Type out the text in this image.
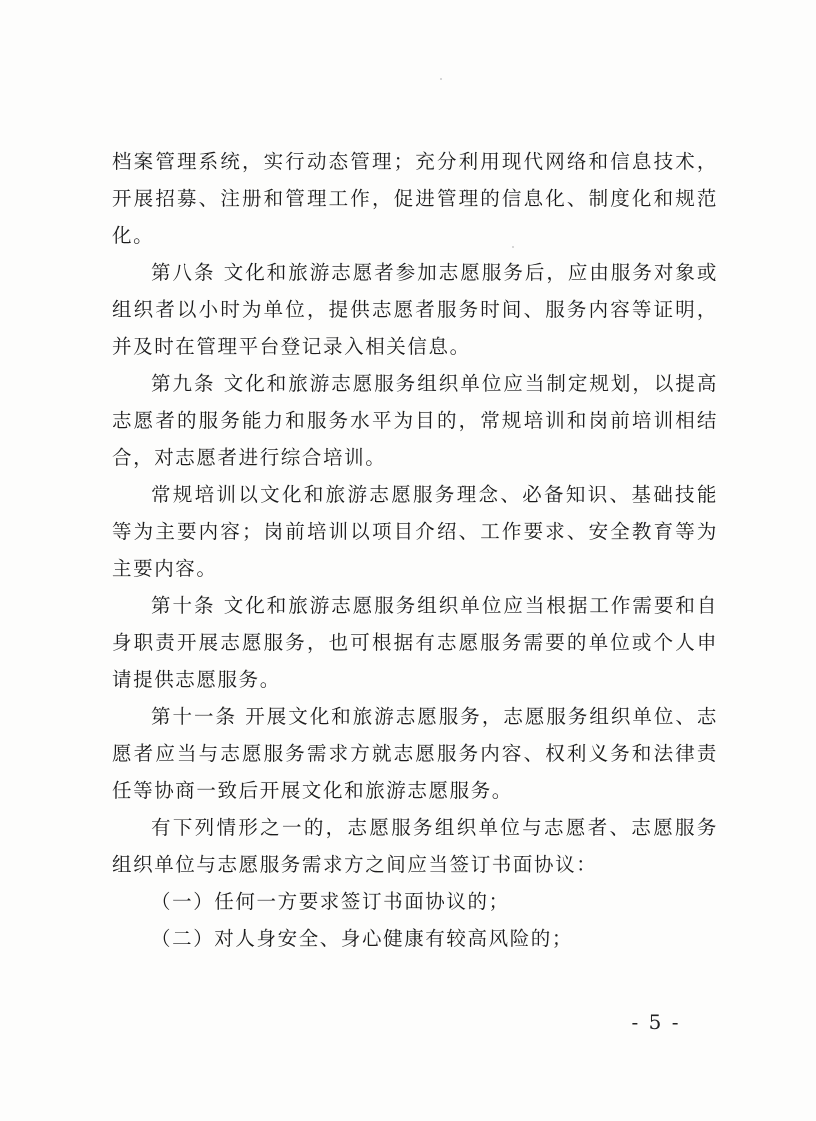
档案管理系统，实行动态管理；充分利用现代网络和信息技术，开展招募、注册和管理工作，促进管理的信息化、制度化和规范化。

第八条 文化和旅游志愿者参加志愿服务后，应由服务对象或组织者以小时为单位，提供志愿者服务时间、服务内容等证明，并及时在管理平台登记录入相关信息。

第九条 文化和旅游志愿服务组织单位应当制定规划，以提高志愿者的服务能力和服务水平为目的，常规培训和岗前培训相结合，对志愿者进行综合培训。

常规培训以文化和旅游志愿服务理念、必备知识、基础技能等为主要内容；岗前培训以项目介绍、工作要求、安全教育等为主要内容。

第十条 文化和旅游志愿服务组织单位应当根据工作需要和自身职责开展志愿服务，也可根据有志愿服务需要的单位或个人申请提供志愿服务。

第十一条 开展文化和旅游志愿服务，志愿服务组织单位、志愿者应当与志愿服务需求方就志愿服务内容、权利义务和法律责任等协商一致后开展文化和旅游志愿服务。

有下列情形之一的，志愿服务组织单位与志愿者、志愿服务组织单位与志愿服务需求方之间应当签订书面协议：

（一）任何一方要求签订书面协议的；

（二）对人身安全、身心健康有较高风险的；

- 5 -
